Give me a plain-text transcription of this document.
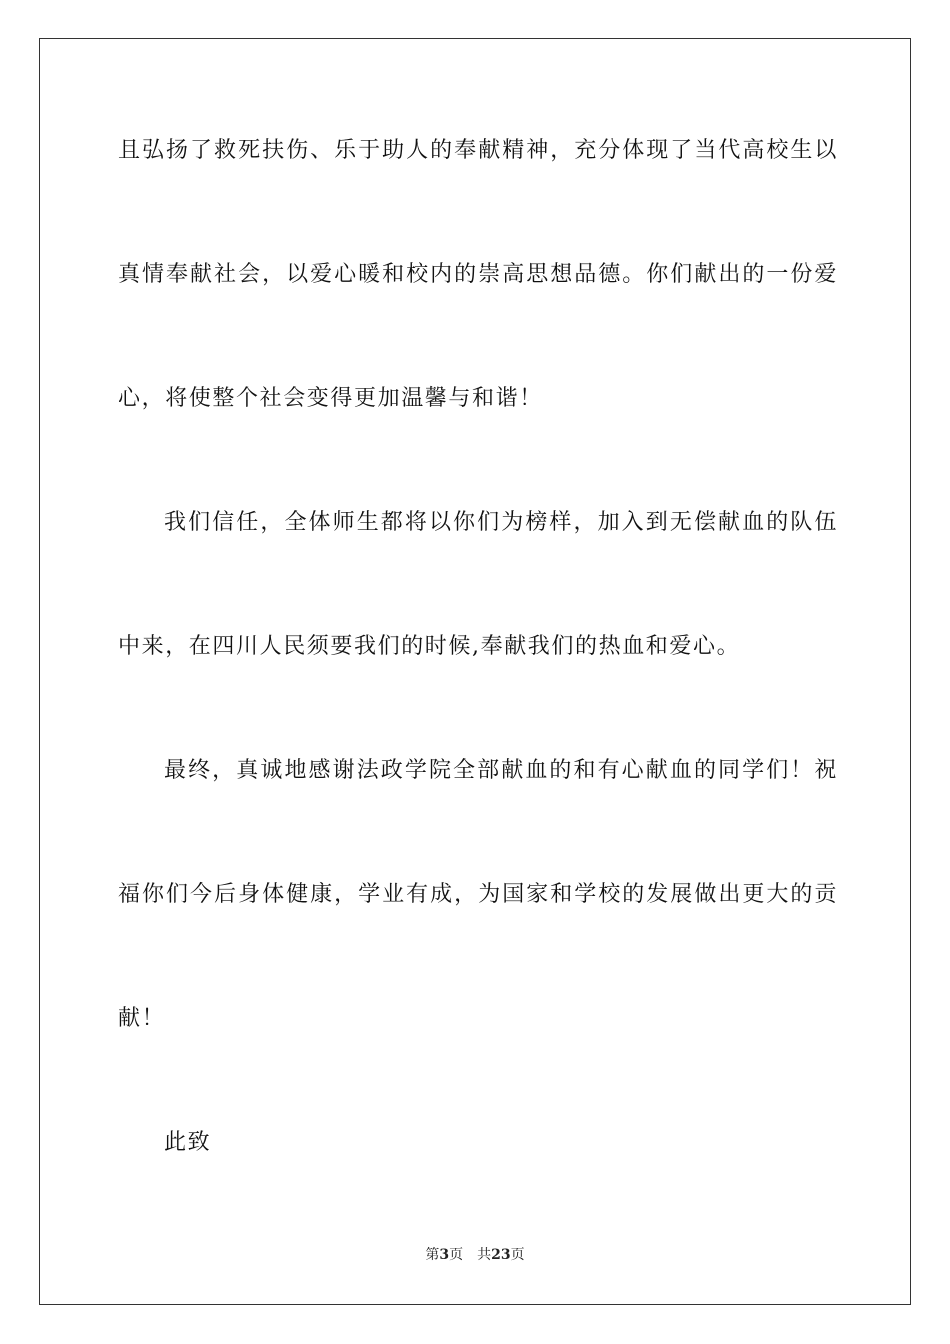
且弘扬了救死扶伤、乐于助人的奉献精神，充分体现了当代高校生以
真情奉献社会，以爱心暖和校内的崇高思想品德。你们献出的一份爱
心，将使整个社会变得更加温馨与和谐！
我们信任，全体师生都将以你们为榜样，加入到无偿献血的队伍
中来，在四川人民须要我们的时候,奉献我们的热血和爱心。
最终，真诚地感谢法政学院全部献血的和有心献血的同学们！祝
福你们今后身体健康，学业有成，为国家和学校的发展做出更大的贡
献！
此致
第3页 共23页
